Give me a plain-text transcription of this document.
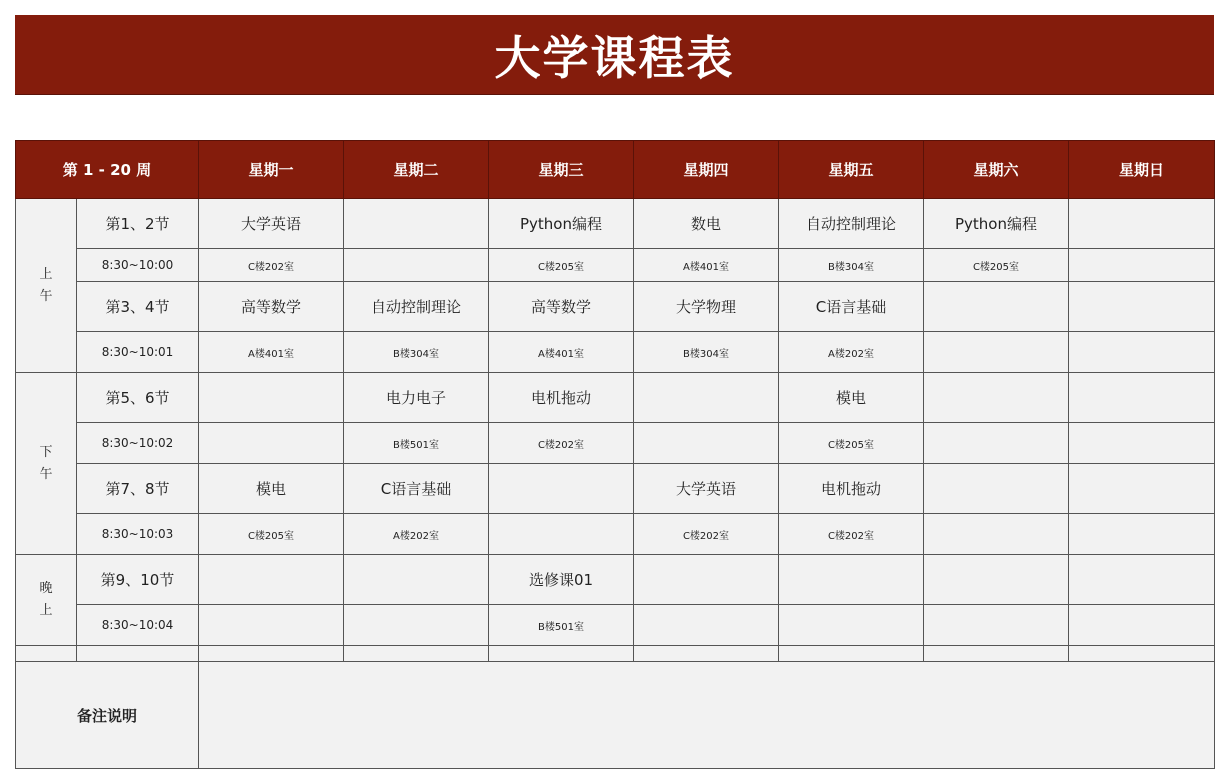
大学课程表
第 1 - 20 周		星期一	星期二	星期三	星期四	星期五	星期六	星期日

上
午	第1、2节	大学英语		Python编程	数电	自动控制理论	Python编程	
	8:30~10:00	C楼202室		C楼205室	A楼401室	B楼304室	C楼205室	
	第3、4节	高等数学	自动控制理论	高等数学	大学物理	C语言基础		
	8:30~10:01	A楼401室	B楼304室	A楼401室	B楼304室	A楼202室		

下
午	第5、6节		电力电子	电机拖动		模电		
	8:30~10:02		B楼501室	C楼202室		C楼205室		
	第7、8节	模电	C语言基础		大学英语	电机拖动		
	8:30~10:03	C楼205室	A楼202室		C楼202室	C楼202室		

晚
上	第9、10节			选修课01				
	8:30~10:04			B楼501室				

备注说明								
